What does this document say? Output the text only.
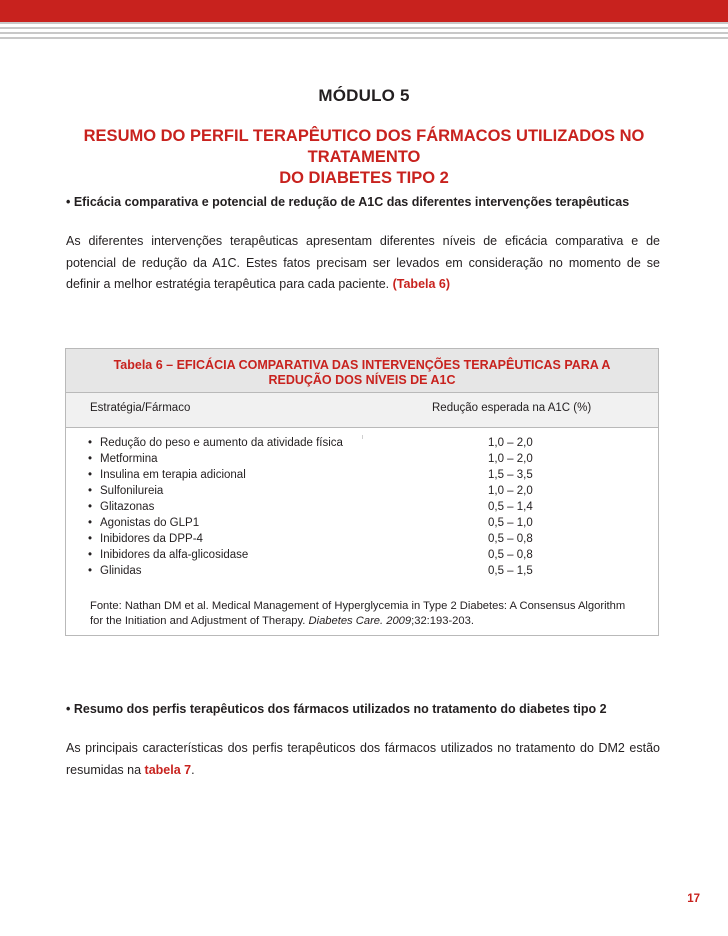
MÓDULO 5
RESUMO DO PERFIL TERAPÊUTICO DOS FÁRMACOS UTILIZADOS NO TRATAMENTO
DO DIABETES TIPO 2
• Eficácia comparativa e potencial de redução de A1C das diferentes intervenções terapêuticas
As diferentes intervenções terapêuticas apresentam diferentes níveis de eficácia comparativa e de potencial de redução da A1C. Estes fatos precisam ser levados em consideração no momento de se definir a melhor estratégia terapêutica para cada paciente. (Tabela 6)
Tabela 6 – EFICÁCIA COMPARATIVA DAS INTERVENÇÕES TERAPÊUTICAS PARA A
REDUÇÃO DOS NÍVEIS DE A1C
Estratégia/Fármaco	Redução esperada na A1C (%)
• Redução do peso e aumento da atividade física	1,0 – 2,0
• Metformina	1,0 – 2,0
• Insulina em terapia adicional	1,5 – 3,5
• Sulfonilureia	1,0 – 2,0
• Glitazonas	0,5 – 1,4
• Agonistas do GLP1	0,5 – 1,0
• Inibidores da DPP-4	0,5 – 0,8
• Inibidores da alfa-glicosidase	0,5 – 0,8
• Glinidas	0,5 – 1,5
Fonte: Nathan DM et al. Medical Management of Hyperglycemia in Type 2 Diabetes: A Consensus Algorithm for the Initiation and Adjustment of Therapy. Diabetes Care. 2009;32:193-203.
• Resumo dos perfis terapêuticos dos fármacos utilizados no tratamento do diabetes tipo 2
As principais características dos perfis terapêuticos dos fármacos utilizados no tratamento do DM2 estão resumidas na tabela 7.
17
